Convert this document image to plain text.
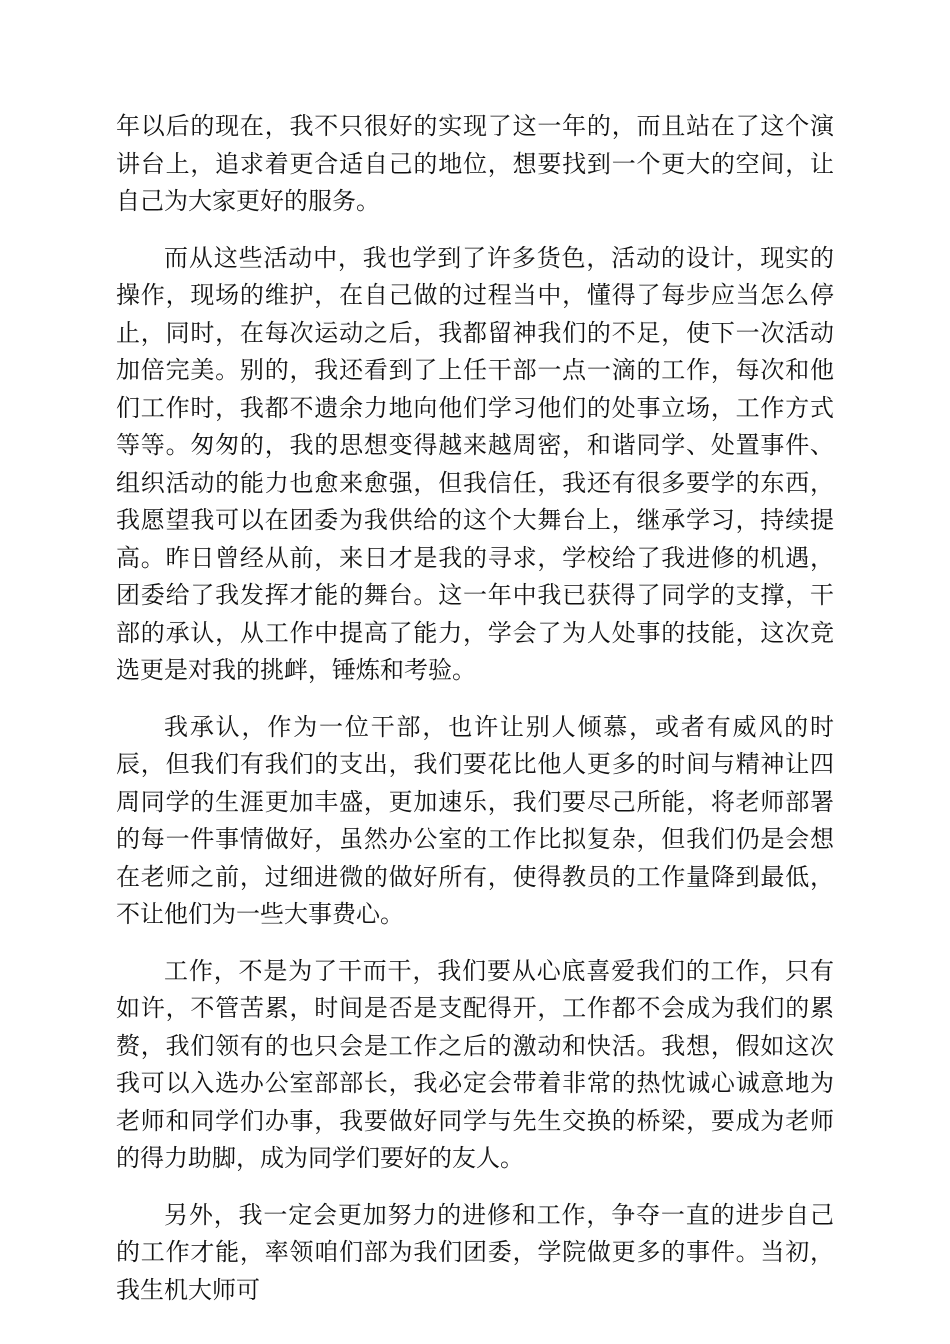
年以后的现在，我不只很好的实现了这一年的，而且站在了这个演讲台上，追求着更合适自己的地位，想要找到一个更大的空间，让自己为大家更好的服务。

而从这些活动中，我也学到了许多货色，活动的设计，现实的操作，现场的维护，在自己做的过程当中，懂得了每步应当怎么停止，同时，在每次运动之后，我都留神我们的不足，使下一次活动加倍完美。别的，我还看到了上任干部一点一滴的工作，每次和他们工作时，我都不遗余力地向他们学习他们的处事立场，工作方式等等。匆匆的，我的思想变得越来越周密，和谐同学、处置事件、组织活动的能力也愈来愈强，但我信任，我还有很多要学的东西，我愿望我可以在团委为我供给的这个大舞台上，继承学习，持续提高。昨日曾经从前，来日才是我的寻求，学校给了我进修的机遇，团委给了我发挥才能的舞台。这一年中我已获得了同学的支撑，干部的承认，从工作中提高了能力，学会了为人处事的技能，这次竞选更是对我的挑衅，锤炼和考验。

我承认，作为一位干部，也许让别人倾慕，或者有威风的时辰，但我们有我们的支出，我们要花比他人更多的时间与精神让四周同学的生涯更加丰盛，更加速乐，我们要尽己所能，将老师部署的每一件事情做好，虽然办公室的工作比拟复杂，但我们仍是会想在老师之前，过细进微的做好所有，使得教员的工作量降到最低，不让他们为一些大事费心。

工作，不是为了干而干，我们要从心底喜爱我们的工作，只有如许，不管苦累，时间是否是支配得开，工作都不会成为我们的累赘，我们领有的也只会是工作之后的激动和快活。我想，假如这次我可以入选办公室部部长，我必定会带着非常的热忱诚心诚意地为老师和同学们办事，我要做好同学与先生交换的桥梁，要成为老师的得力助脚，成为同学们要好的友人。

另外，我一定会更加努力的进修和工作，争夺一直的进步自己的工作才能，率领咱们部为我们团委，学院做更多的事件。当初，我生机大师可
